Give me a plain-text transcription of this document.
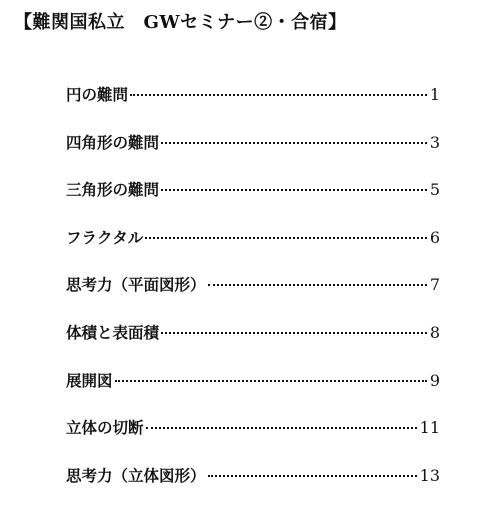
【難関国私立　GWセミナー②・合宿】
円の難問	1
四角形の難問	3
三角形の難問	5
フラクタル	6
思考力（平面図形）	7
体積と表面積	8
展開図	9
立体の切断	11
思考力（立体図形）	13
